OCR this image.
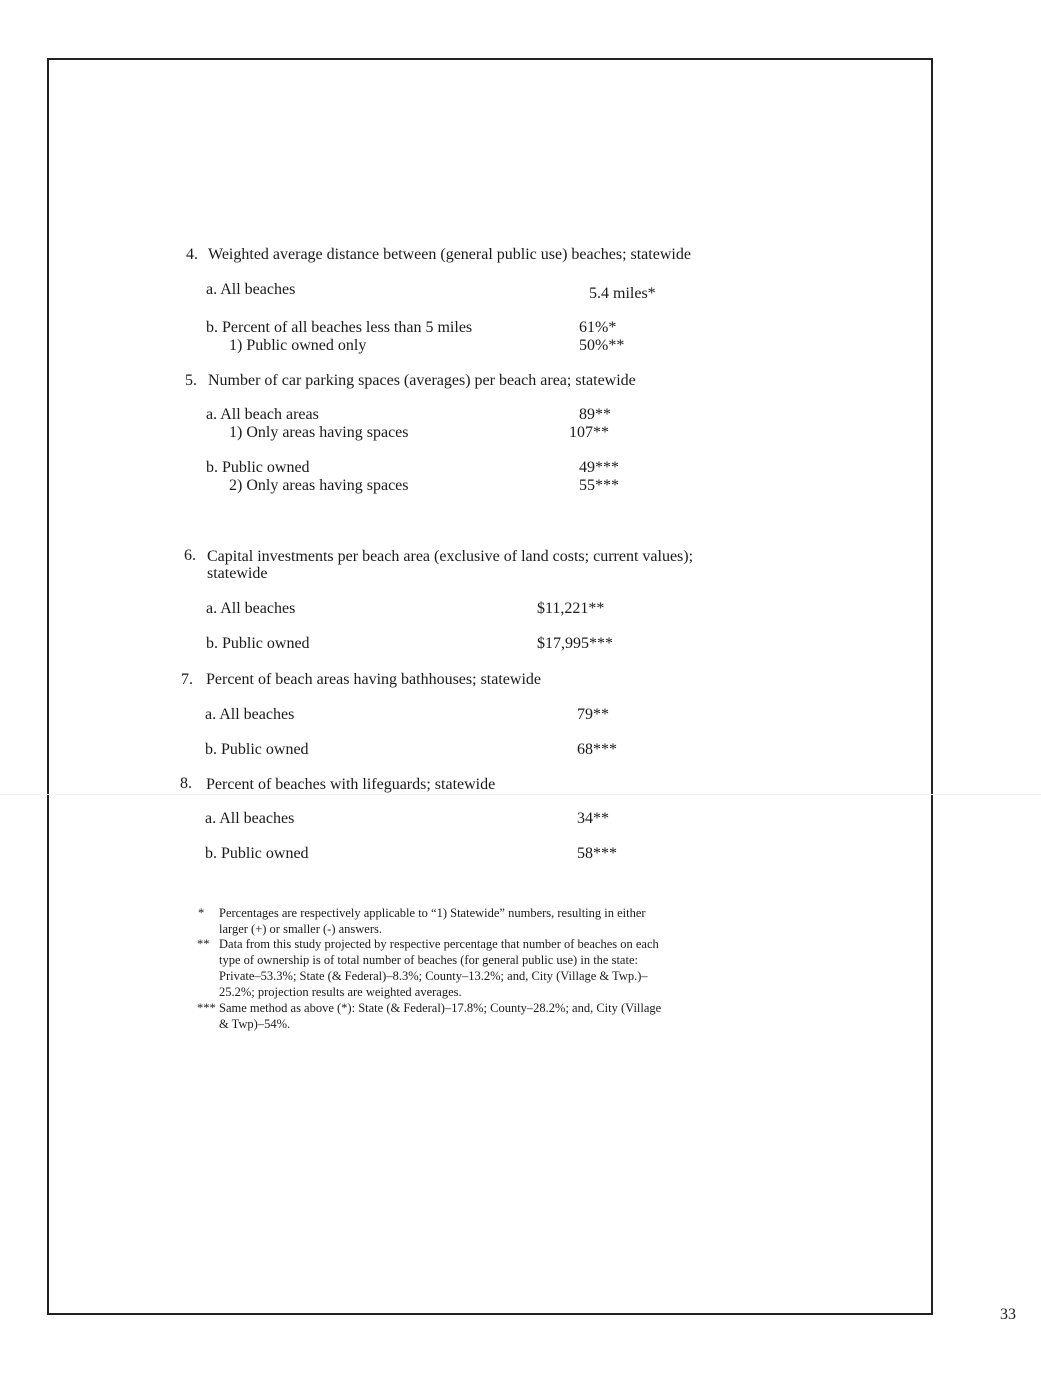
4. Weighted average distance between (general public use) beaches; statewide
a. All beaches	5.4 miles*
b. Percent of all beaches less than 5 miles	61%*
1) Public owned only	50%**
5. Number of car parking spaces (averages) per beach area; statewide
a. All beach areas	89**
1) Only areas having spaces	107**
b. Public owned	49***
2) Only areas having spaces	55***
6. Capital investments per beach area (exclusive of land costs; current values);
statewide
a. All beaches	$11,221**
b. Public owned	$17,995***
7. Percent of beach areas having bathhouses; statewide
a. All beaches	79**
b. Public owned	68***
8. Percent of beaches with lifeguards; statewide
a. All beaches	34**
b. Public owned	58***
* Percentages are respectively applicable to “1) Statewide” numbers, resulting in either
larger (+) or smaller (-) answers.
** Data from this study projected by respective percentage that number of beaches on each
type of ownership is of total number of beaches (for general public use) in the state:
Private–53.3%; State (& Federal)–8.3%; County–13.2%; and, City (Village & Twp.)–
25.2%; projection results are weighted averages.
*** Same method as above (*): State (& Federal)–17.8%; County–28.2%; and, City (Village
& Twp)–54%.
33
